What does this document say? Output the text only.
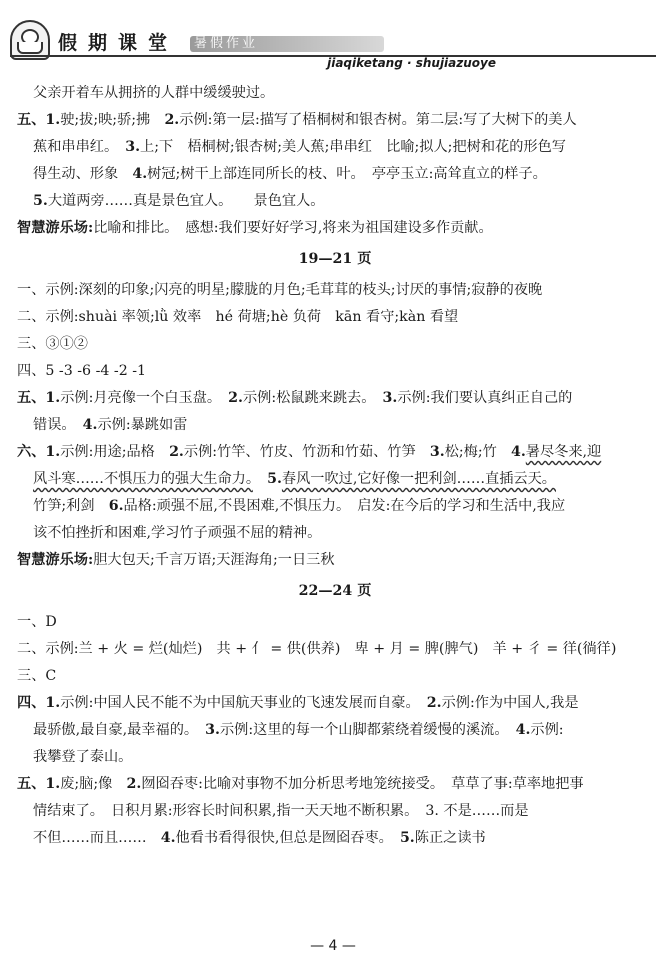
假期课堂	暑假作业
jiaqiketang · shujiazuoye

父亲开着车从拥挤的人群中缓缓驶过。

五、1.驶;拔;映;骄;拂　2.示例:第一层:描写了梧桐树和银杏树。第二层:写了大树下的美人

蕉和串串红。　3.上;下　梧桐树;银杏树;美人蕉;串串红　比喻;拟人;把树和花的形色写

得生动、形象　4.树冠;树干上部连同所长的枝、叶。　亭亭玉立:高耸直立的样子。

5.大道两旁……真是景色宜人。　　景色宜人。

智慧游乐场:比喻和排比。　感想:我们要好好学习,将来为祖国建设多作贡献。

19—21 页

一、示例:深刻的印象;闪亮的明星;朦胧的月色;毛茸茸的枝头;讨厌的事情;寂静的夜晚

二、示例:shuài 率领;lǜ 效率　hé 荷塘;hè 负荷　kān 看守;kàn 看望

三、③①②

四、5 -3 -6 -4 -2 -1

五、1.示例:月亮像一个白玉盘。　2.示例:松鼠跳来跳去。　3.示例:我们要认真纠正自己的

错误。　4.示例:暴跳如雷

六、1.示例:用途;品格　2.示例:竹竿、竹皮、竹沥和竹茹、竹笋　3.松;梅;竹　4.暑尽冬来,迎

风斗寒……不惧压力的强大生命力。　 5.春风一吹过,它好像一把利剑……直插云天。

竹笋;利剑　6.品格:顽强不屈,不畏困难,不惧压力。　启发:在今后的学习和生活中,我应

该不怕挫折和困难,学习竹子顽强不屈的精神。

智慧游乐场:胆大包天;千言万语;天涯海角;一日三秋

22—24 页

一、D

二、示例:兰 + 火 = 烂(灿烂)　共 + 亻 = 供(供养)　卑 + 月 = 脾(脾气)　羊 + 彳 = 徉(徜徉)

三、C

四、1.示例:中国人民不能不为中国航天事业的飞速发展而自豪。　2.示例:作为中国人,我是

最骄傲,最自豪,最幸福的。　3.示例:这里的每一个山脚都萦绕着缓慢的溪流。　4.示例:

我攀登了泰山。

五、1.废;脑;像　2.囫囵吞枣:比喻对事物不加分析思考地笼统接受。　草草了事:草率地把事

情结束了。　日积月累:形容长时间积累,指一天天地不断积累。　3. 不是……而是

不但……而且……　4.他看书看得很快,但总是囫囵吞枣。　5.陈正之读书

— 4 —
